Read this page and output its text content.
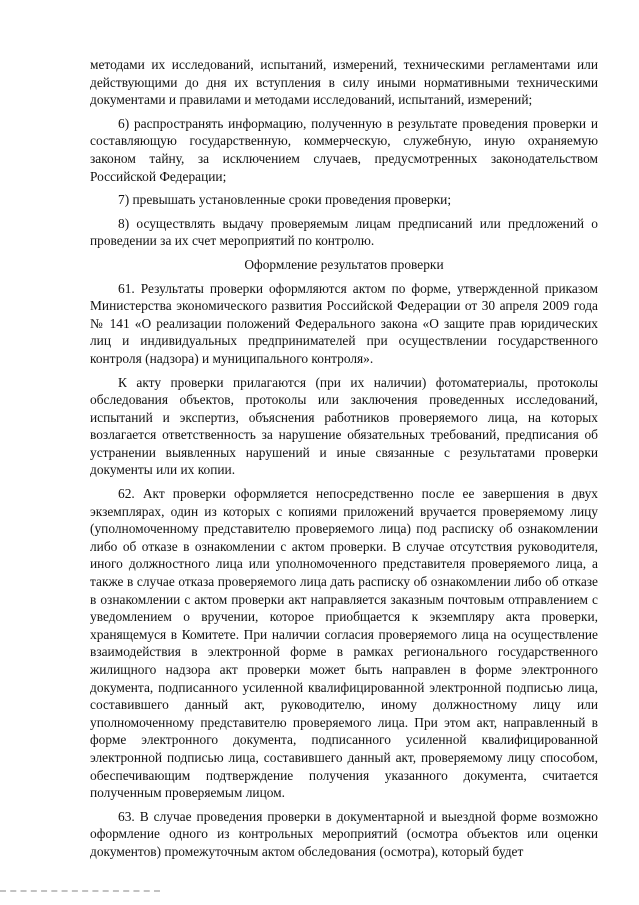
методами их исследований, испытаний, измерений, техническими регламентами или действующими до дня их вступления в силу иными нормативными техническими документами и правилами и методами исследований, испытаний, измерений;

6) распространять информацию, полученную в результате проведения проверки и составляющую государственную, коммерческую, служебную, иную охраняемую законом тайну, за исключением случаев, предусмотренных законодательством Российской Федерации;

7) превышать установленные сроки проведения проверки;

8) осуществлять выдачу проверяемым лицам предписаний или предложений о проведении за их счет мероприятий по контролю.

Оформление результатов проверки

61. Результаты проверки оформляются актом по форме, утвержденной приказом Министерства экономического развития Российской Федерации от 30 апреля 2009 года № 141 «О реализации положений Федерального закона «О защите прав юридических лиц и индивидуальных предпринимателей при осуществлении государственного контроля (надзора) и муниципального контроля».

К акту проверки прилагаются (при их наличии) фотоматериалы, протоколы обследования объектов, протоколы или заключения проведенных исследований, испытаний и экспертиз, объяснения работников проверяемого лица, на которых возлагается ответственность за нарушение обязательных требований, предписания об устранении выявленных нарушений и иные связанные с результатами проверки документы или их копии.

62. Акт проверки оформляется непосредственно после ее завершения в двух экземплярах, один из которых с копиями приложений вручается проверяемому лицу (уполномоченному представителю проверяемого лица) под расписку об ознакомлении либо об отказе в ознакомлении с актом проверки. В случае отсутствия руководителя, иного должностного лица или уполномоченного представителя проверяемого лица, а также в случае отказа проверяемого лица дать расписку об ознакомлении либо об отказе в ознакомлении с актом проверки акт направляется заказным почтовым отправлением с уведомлением о вручении, которое приобщается к экземпляру акта проверки, хранящемуся в Комитете. При наличии согласия проверяемого лица на осуществление взаимодействия в электронной форме в рамках регионального государственного жилищного надзора акт проверки может быть направлен в форме электронного документа, подписанного усиленной квалифицированной электронной подписью лица, составившего данный акт, руководителю, иному должностному лицу или уполномоченному представителю проверяемого лица. При этом акт, направленный в форме электронного документа, подписанного усиленной квалифицированной электронной подписью лица, составившего данный акт, проверяемому лицу способом, обеспечивающим подтверждение получения указанного документа, считается полученным проверяемым лицом.

63. В случае проведения проверки в документарной и выездной форме возможно оформление одного из контрольных мероприятий (осмотра объектов или оценки документов) промежуточным актом обследования (осмотра), который будет
